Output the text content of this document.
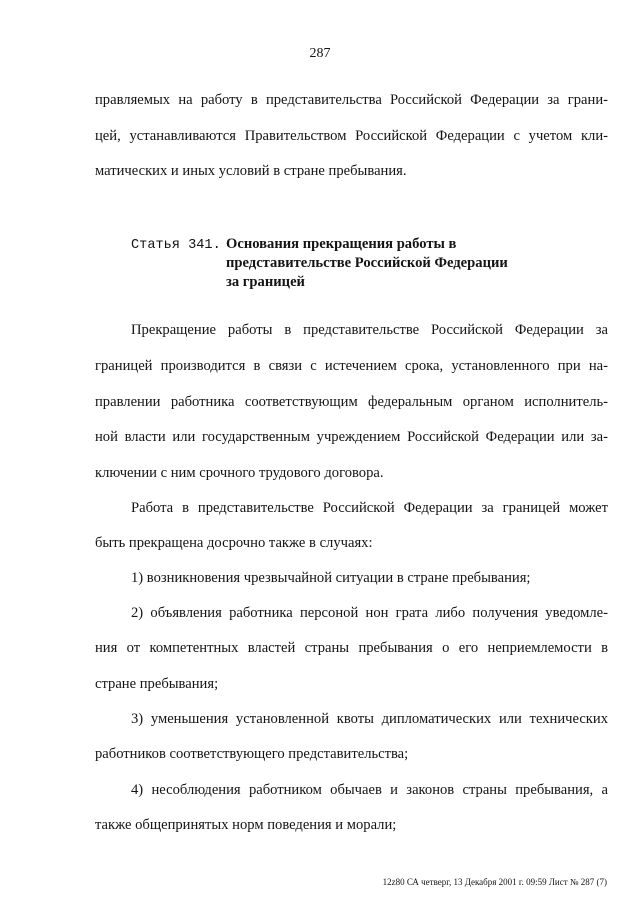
287
правляемых на работу в представительства Российской Федерации за грани-
цей, устанавливаются Правительством Российской Федерации с учетом кли-
матических и иных условий в стране пребывания.
Статья 341. Основания прекращения работы в
представительстве Российской Федерации
за границей
Прекращение работы в представительстве Российской Федерации за
границей производится в связи с истечением срока, установленного при на-
правлении работника соответствующим федеральным органом исполнитель-
ной власти или государственным учреждением Российской Федерации или за-
ключении с ним срочного трудового договора.
Работа в представительстве Российской Федерации за границей может
быть прекращена досрочно также в случаях:
1) возникновения чрезвычайной ситуации в стране пребывания;
2) объявления работника персоной нон грата либо получения уведомле-
ния от компетентных властей страны пребывания о его неприемлемости в
стране пребывания;
3) уменьшения установленной квоты дипломатических или технических
работников соответствующего представительства;
4) несоблюдения работником обычаев и законов страны пребывания, а
также общепринятых норм поведения и морали;
12z80 СА четверг, 13 Декабря 2001 г. 09:59 Лист № 287 (7)
